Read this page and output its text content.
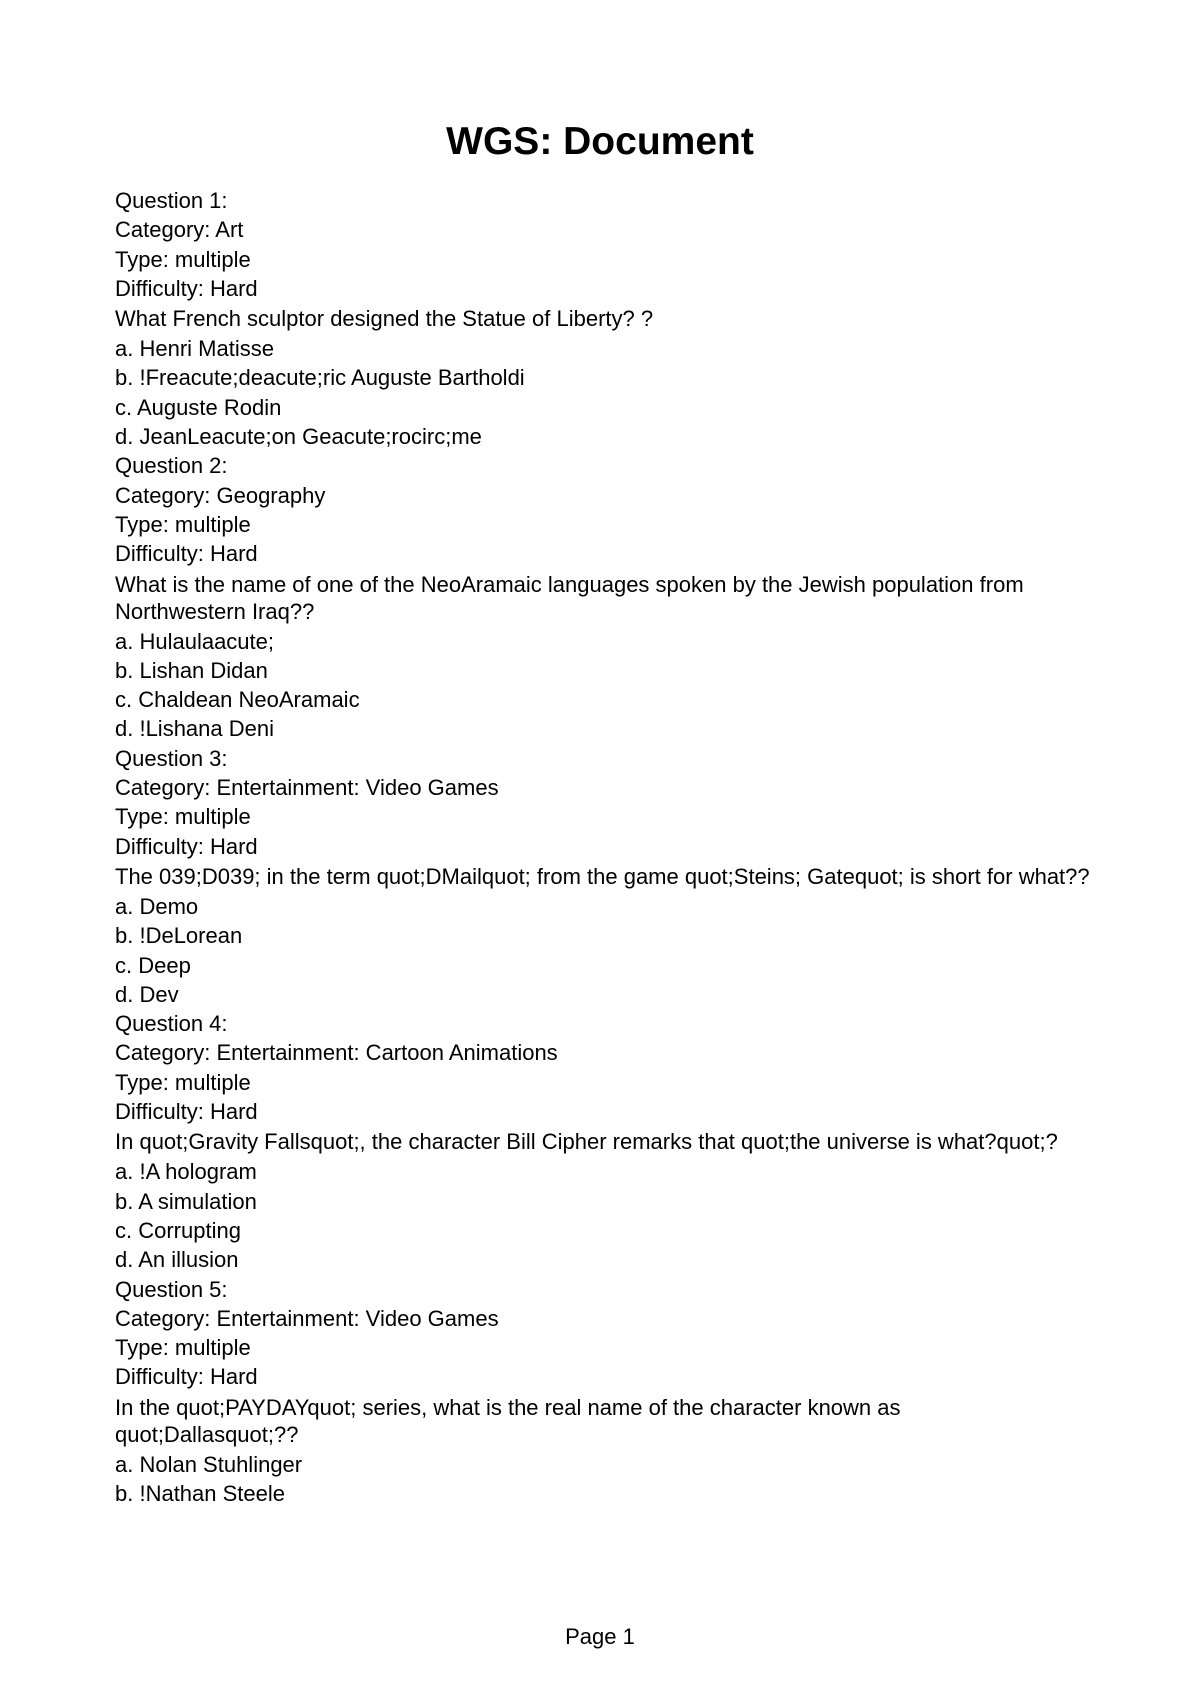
WGS: Document
Question 1:
Category: Art
Type: multiple
Difficulty: Hard
What French sculptor designed the Statue of Liberty? ?
a. Henri Matisse
b. !Freacute;deacute;ric Auguste Bartholdi
c. Auguste Rodin
d. JeanLeacute;on Geacute;rocirc;me
Question 2:
Category: Geography
Type: multiple
Difficulty: Hard
What is the name of one of the NeoAramaic languages spoken by the Jewish population from Northwestern Iraq??
a. Hulaulaacute;
b. Lishan Didan
c. Chaldean NeoAramaic
d. !Lishana Deni
Question 3:
Category: Entertainment: Video Games
Type: multiple
Difficulty: Hard
The 039;D039; in the term quot;DMailquot; from the game quot;Steins; Gatequot; is short for what??
a. Demo
b. !DeLorean
c. Deep
d. Dev
Question 4:
Category: Entertainment: Cartoon Animations
Type: multiple
Difficulty: Hard
In quot;Gravity Fallsquot;, the character Bill Cipher remarks that quot;the universe is what?quot;?
a. !A hologram
b. A simulation
c. Corrupting
d. An illusion
Question 5:
Category: Entertainment: Video Games
Type: multiple
Difficulty: Hard
In the quot;PAYDAYquot; series, what is the real name of the character known as quot;Dallasquot;??
a. Nolan Stuhlinger
b. !Nathan Steele
Page 1
